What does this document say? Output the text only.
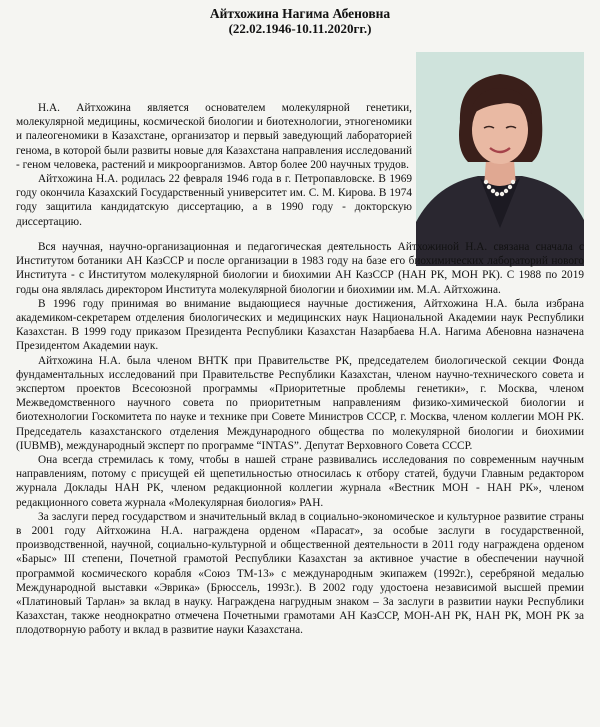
Айтхожина Нагима Абеновна
(22.02.1946-10.11.2020гг.)

Н.А. Айтхожина является основателем молекулярной генетики, молекулярной медицины, космической биологии и биотехнологии, этногеномики и палеогеномики в Казахстане, организатор и первый заведующий лабораторией генома, в которой были развиты новые для Казахстана направления исследований - геном человека, растений и микроорганизмов. Автор более 200 научных трудов.

Айтхожина Н.А. родилась 22 февраля 1946 года в г. Петропавловске. В 1969 году окончила Казахский Государственный университет им. С. М. Кирова. В 1974 году защитила кандидатскую диссертацию, а в 1990 году - докторскую диссертацию.

Вся научная, научно-организационная и педагогическая деятельность Айтхожиной Н.А. связана сначала с Институтом ботаники АН КазССР и после организации в 1983 году на базе его биохимических лабораторий нового Института - с Институтом молекулярной биологии и биохимии АН КазССР (НАН РК, МОН РК). С 1988 по 2019 годы она являлась директором Института молекулярной биологии и биохимии им. М.А. Айтхожина.

В 1996 году принимая во внимание выдающиеся научные достижения, Айтхожина Н.А. была избрана академиком-секретарем отделения биологических и медицинских наук Национальной Академии наук Республики Казахстан. В 1999 году приказом Президента Республики Казахстан Назарбаева Н.А. Нагима Абеновна назначена Президентом Академии наук.

Айтхожина Н.А. была членом ВНТК при Правительстве РК, председателем биологической секции Фонда фундаментальных исследований при Правительстве Республики Казахстан, членом научно-технического совета и экспертом проектов Всесоюзной программы «Приоритетные проблемы генетики», г. Москва, членом Межведомственного научного совета по приоритетным направлениям физико-химической биологии и биотехнологии Госкомитета по науке и технике при Совете Министров СССР, г. Москва, членом коллегии МОН РК. Председатель казахстанского отделения Международного общества по молекулярной биологии и биохимии (IUBMB), международный эксперт по программе “INTAS”. Депутат Верховного Совета СССР.

Она всегда стремилась к тому, чтобы в нашей стране развивались исследования по современным научным направлениям, потому с присущей ей щепетильностью относилась к отбору статей, будучи Главным редактором журнала Доклады НАН РК, членом редакционной коллегии журнала «Вестник МОН - НАН РК», членом редакционного совета журнала «Молекулярная биология» РАН.

За заслуги перед государством и значительный вклад в социально-экономическое и культурное развитие страны в 2001 году Айтхожина Н.А. награждена орденом «Парасат», за особые заслуги в государственной, производственной, научной, социально-культурной и общественной деятельности в 2011 году награждена орденом «Барыс» III степени, Почетной грамотой Республики Казахстан за активное участие в обеспечении научной программой космического корабля «Союз ТМ-13» с международным экипажем (1992г.), серебряной медалью Международной выставки «Эврика» (Брюссель, 1993г.). В 2002 году удостоена независимой высшей премии «Платиновый Тарлан» за вклад в науку. Награждена нагрудным знаком – За заслуги в развитии науки Республики Казахстан, также неоднократно отмечена Почетными грамотами АН КазССР, МОН-АН РК, НАН РК, МОН РК за плодотворную работу и вклад в развитие науки Казахстана.
